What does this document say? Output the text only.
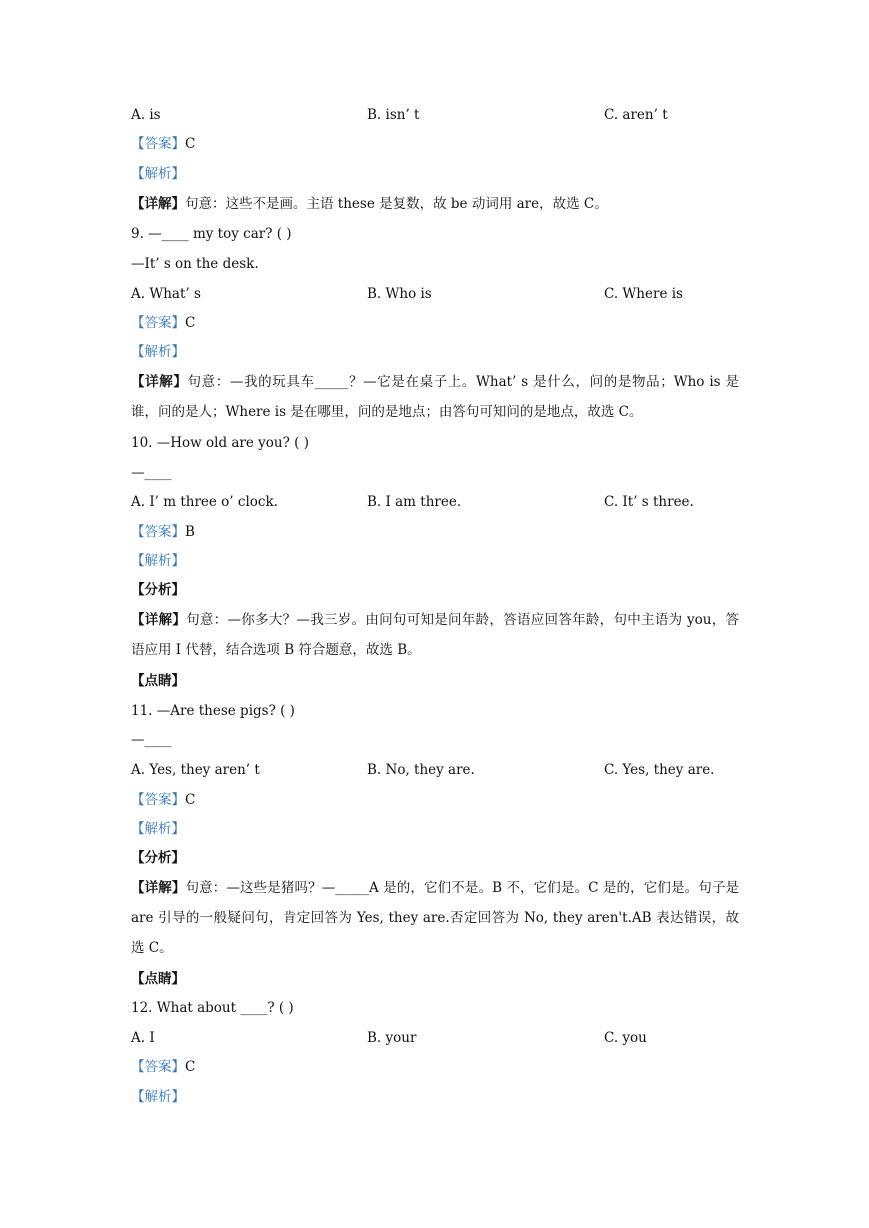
A. is	B. isn’ t	C. aren’ t
【答案】C
【解析】
【详解】句意：这些不是画。主语 these 是复数，故 be 动词用 are，故选 C。
9. —____ my toy car? ( )
—It’ s on the desk.
A. What’ s	B. Who is	C. Where is
【答案】C
【解析】
【详解】句意：—我的玩具车_____？—它是在桌子上。What’ s 是什么，问的是物品；Who is 是谁，问的是人；Where is 是在哪里，问的是地点；由答句可知问的是地点，故选 C。
10. —How old are you? ( )
—____
A. I’ m three o’ clock.	B. I am three.	C. It’ s three.
【答案】B
【解析】
【分析】
【详解】句意：—你多大？—我三岁。由问句可知是问年龄，答语应回答年龄，句中主语为 you，答语应用 I 代替，结合选项 B 符合题意，故选 B。
【点睛】
11. —Are these pigs? ( )
—____
A. Yes, they aren’ t	B. No, they are.	C. Yes, they are.
【答案】C
【解析】
【分析】
【详解】句意：—这些是猪吗？—_____A 是的，它们不是。B 不，它们是。C 是的，它们是。句子是 are 引导的一般疑问句，肯定回答为 Yes, they are.否定回答为 No, they aren't.AB 表达错误，故选 C。
【点睛】
12. What about ____? ( )
A. I	B. your	C. you
【答案】C
【解析】
